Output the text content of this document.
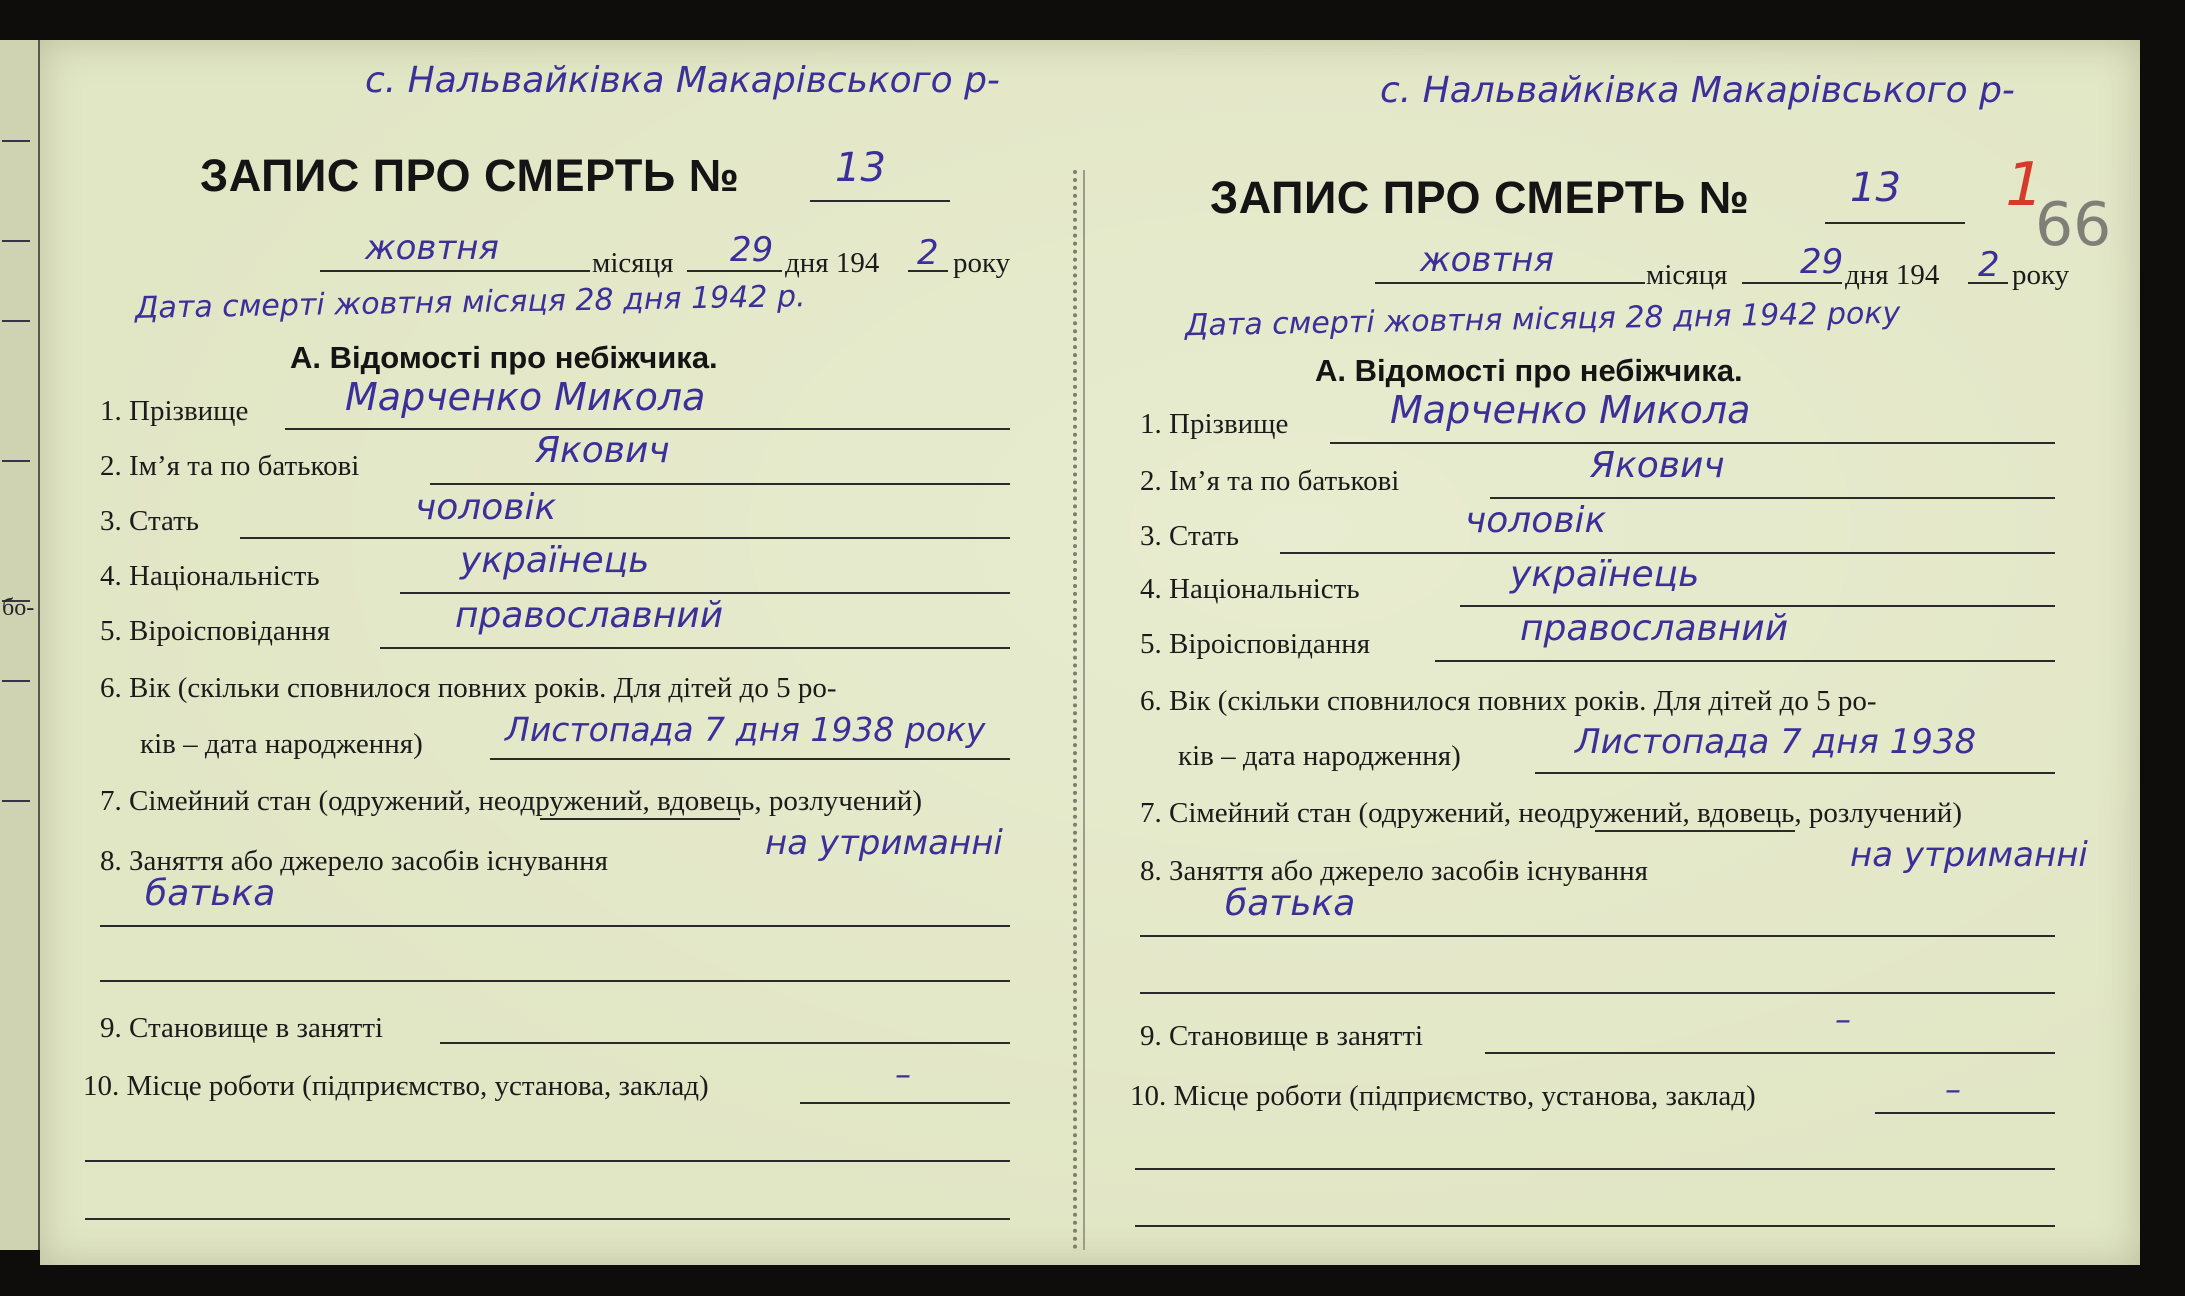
бо-
с. Нальвайківка Макарівського р-
ЗАПИС ПРО СМЕРТЬ № 13
жовтня	місяця 29 дня 194 2 року
Дата смерті жовтня місяця 28 дня 1942 р.
А. Відомості про небіжчика.
1. Прізвище	Марченко Микола
2. Ім’я та по батькові	Якович
3. Стать	чоловік
4. Національність	українець
5. Віроісповідання	православний
6. Вік (скільки сповнилося повних років. Для дітей до 5 ро-
ків – дата народження) Листопада 7 дня 1938 року
7. Сімейний стан (одружений, неодружений, вдовець, розлучений)
8. Заняття або джерело засобів існування	на утриманні
батька
9. Становище в занятті
10. Місце роботи (підприємство, установа, заклад)	–
с. Нальвайківка Макарівського р-
ЗАПИС ПРО СМЕРТЬ №	13 1
66
жовтня	місяця 29 дня 194 2 року
Дата смерті жовтня місяця 28 дня 1942 року
А. Відомості про небіжчика.
1. Прізвище	Марченко Микола
2. Ім’я та по батькові	Якович
3. Стать	чоловік
4. Національність	українець
5. Віроісповідання	православний
6. Вік (скільки сповнилося повних років. Для дітей до 5 ро-
ків – дата народження)	Листопада 7 дня 1938
7. Сімейний стан (одружений, неодружений, вдовець, розлучений)
8. Заняття або джерело засобів існування	на утриманні
батька
9. Становище в занятті	–
10. Місце роботи (підприємство, установа, заклад)	–
